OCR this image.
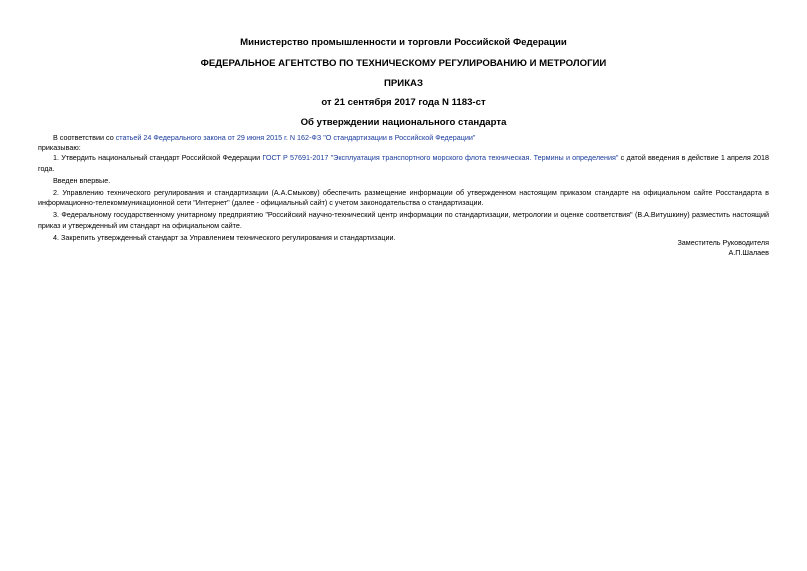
Министерство промышленности и торговли Российской Федерации

ФЕДЕРАЛЬНОЕ АГЕНТСТВО ПО ТЕХНИЧЕСКОМУ РЕГУЛИРОВАНИЮ И МЕТРОЛОГИИ

ПРИКАЗ

от 21 сентября 2017 года N 1183-ст

Об утверждении национального стандарта

В соответствии со статьей 24 Федерального закона от 29 июня 2015 г. N 162-ФЗ "О стандартизации в Российской Федерации"

приказываю:

1. Утвердить национальный стандарт Российской Федерации ГОСТ Р 57691-2017 "Эксплуатация транспортного морского флота техническая. Термины и определения" с датой введения в действие 1 апреля 2018 года.

Введен впервые.

2. Управлению технического регулирования и стандартизации (А.А.Смыкову) обеспечить размещение информации об утвержденном настоящим приказом стандарте на официальном сайте Росстандарта в информационно-телекоммуникационной сети "Интернет" (далее - официальный сайт) с учетом законодательства о стандартизации.

3. Федеральному государственному унитарному предприятию "Российский научно-технический центр информации по стандартизации, метрологии и оценке соответствия" (В.А.Витушкину) разместить настоящий приказ и утвержденный им стандарт на официальном сайте.

4. Закрепить утвержденный стандарт за Управлением технического регулирования и стандартизации.

Заместитель Руководителя
А.П.Шалаев
